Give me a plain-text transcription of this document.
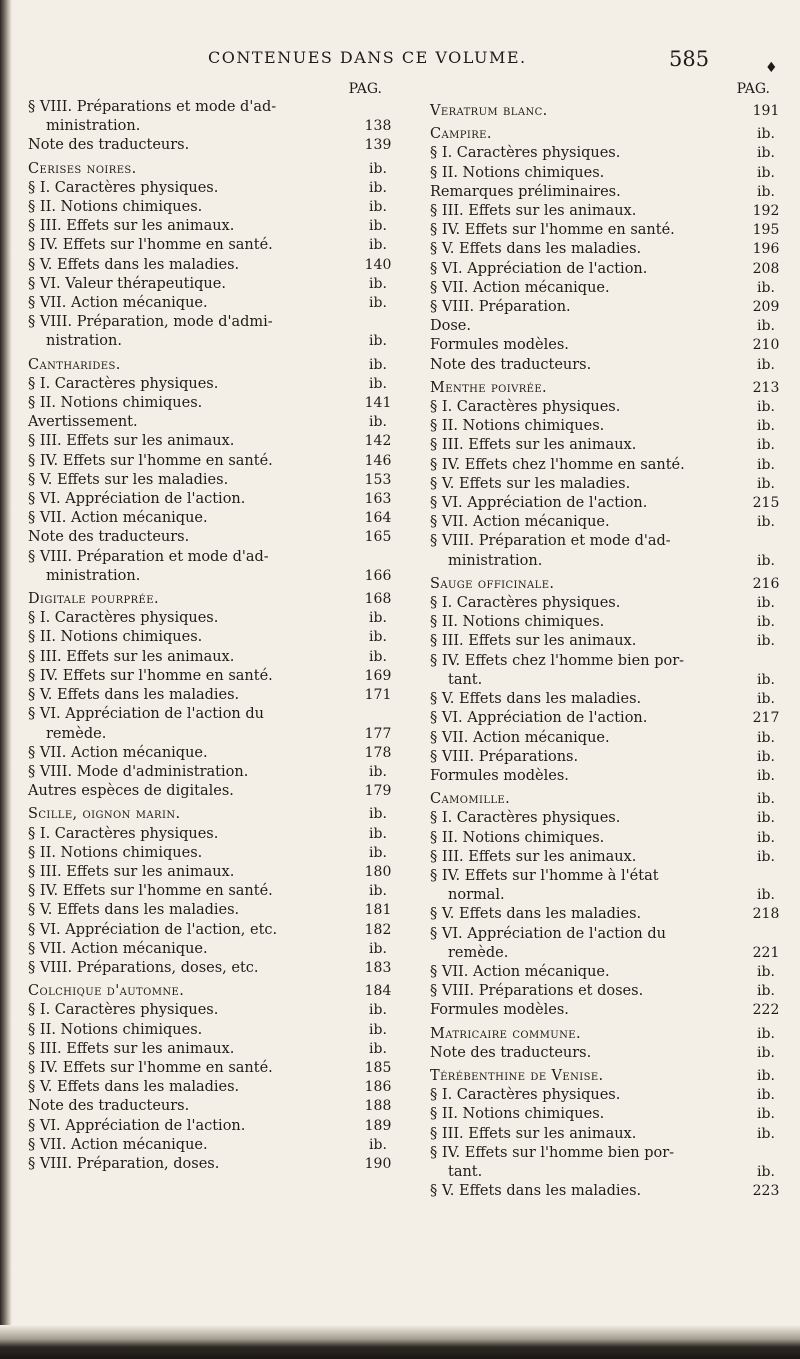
CONTENUES DANS CE VOLUME.	585	♦
PAG.
§ VIII. Préparations et mode d'ad-
ministration.	138
Note des traducteurs.	139
Cerises noires.	ib.
§ I. Caractères physiques.	ib.
§ II. Notions chimiques.	ib.
§ III. Effets sur les animaux.	ib.
§ IV. Effets sur l'homme en santé.	ib.
§ V. Effets dans les maladies.	140
§ VI. Valeur thérapeutique.	ib.
§ VII. Action mécanique.	ib.
§ VIII. Préparation, mode d'admi-
nistration.	ib.
Cantharides.	ib.
§ I. Caractères physiques.	ib.
§ II. Notions chimiques.	141
Avertissement.	ib.
§ III. Effets sur les animaux.	142
§ IV. Effets sur l'homme en santé.	146
§ V. Effets sur les maladies.	153
§ VI. Appréciation de l'action.	163
§ VII. Action mécanique.	164
Note des traducteurs.	165
§ VIII. Préparation et mode d'ad-
ministration.	166
Digitale pourprée.	168
§ I. Caractères physiques.	ib.
§ II. Notions chimiques.	ib.
§ III. Effets sur les animaux.	ib.
§ IV. Effets sur l'homme en santé.	169
§ V. Effets dans les maladies.	171
§ VI. Appréciation de l'action du
remède.	177
§ VII. Action mécanique.	178
§ VIII. Mode d'administration.	ib.
Autres espèces de digitales.	179
Scille, oignon marin.	ib.
§ I. Caractères physiques.	ib.
§ II. Notions chimiques.	ib.
§ III. Effets sur les animaux.	180
§ IV. Effets sur l'homme en santé.	ib.
§ V. Effets dans les maladies.	181
§ VI. Appréciation de l'action, etc.	182
§ VII. Action mécanique.	ib.
§ VIII. Préparations, doses, etc.	183
Colchique d'automne.	184
§ I. Caractères physiques.	ib.
§ II. Notions chimiques.	ib.
§ III. Effets sur les animaux.	ib.
§ IV. Effets sur l'homme en santé.	185
§ V. Effets dans les maladies.	186
Note des traducteurs.	188
§ VI. Appréciation de l'action.	189
§ VII. Action mécanique.	ib.
§ VIII. Préparation, doses.	190
PAG.
Veratrum blanc.	191
Campire.	ib.
§ I. Caractères physiques.	ib.
§ II. Notions chimiques.	ib.
Remarques préliminaires.	ib.
§ III. Effets sur les animaux.	192
§ IV. Effets sur l'homme en santé.	195
§ V. Effets dans les maladies.	196
§ VI. Appréciation de l'action.	208
§ VII. Action mécanique.	ib.
§ VIII. Préparation.	209
Dose.	ib.
Formules modèles.	210
Note des traducteurs.	ib.
Menthe poivrée.	213
§ I. Caractères physiques.	ib.
§ II. Notions chimiques.	ib.
§ III. Effets sur les animaux.	ib.
§ IV. Effets chez l'homme en santé.	ib.
§ V. Effets sur les maladies.	ib.
§ VI. Appréciation de l'action.	215
§ VII. Action mécanique.	ib.
§ VIII. Préparation et mode d'ad-
ministration.	ib.
Sauge officinale.	216
§ I. Caractères physiques.	ib.
§ II. Notions chimiques.	ib.
§ III. Effets sur les animaux.	ib.
§ IV. Effets chez l'homme bien por-
tant.	ib.
§ V. Effets dans les maladies.	ib.
§ VI. Appréciation de l'action.	217
§ VII. Action mécanique.	ib.
§ VIII. Préparations.	ib.
Formules modèles.	ib.
Camomille.	ib.
§ I. Caractères physiques.	ib.
§ II. Notions chimiques.	ib.
§ III. Effets sur les animaux.	ib.
§ IV. Effets sur l'homme à l'état
normal.	ib.
§ V. Effets dans les maladies.	218
§ VI. Appréciation de l'action du
remède.	221
§ VII. Action mécanique.	ib.
§ VIII. Préparations et doses.	ib.
Formules modèles.	222
Matricaire commune.	ib.
Note des traducteurs.	ib.
Térébenthine de Venise.	ib.
§ I. Caractères physiques.	ib.
§ II. Notions chimiques.	ib.
§ III. Effets sur les animaux.	ib.
§ IV. Effets sur l'homme bien por-
tant.	ib.
§ V. Effets dans les maladies.	223
